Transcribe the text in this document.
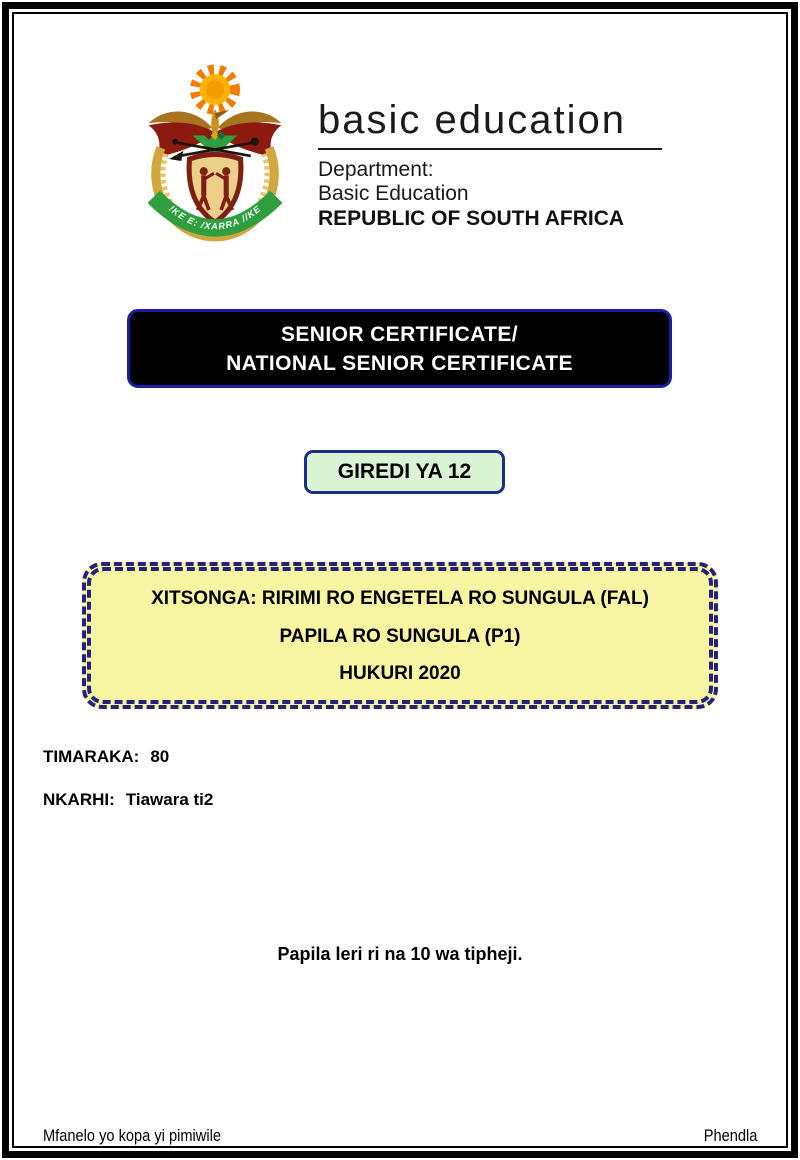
!KE E: /XARRA //KE
basic education
Department:
Basic Education
REPUBLIC OF SOUTH AFRICA
SENIOR CERTIFICATE/
NATIONAL SENIOR CERTIFICATE
GIREDI YA 12
XITSONGA: RIRIMI RO ENGETELA RO SUNGULA (FAL)
PAPILA RO SUNGULA (P1)
HUKURI 2020
TIMARAKA: 80
NKARHI: Tiawara ti2
Papila leri ri na 10 wa tipheji.
Mfanelo yo kopa yi pimiwile	Phendla
